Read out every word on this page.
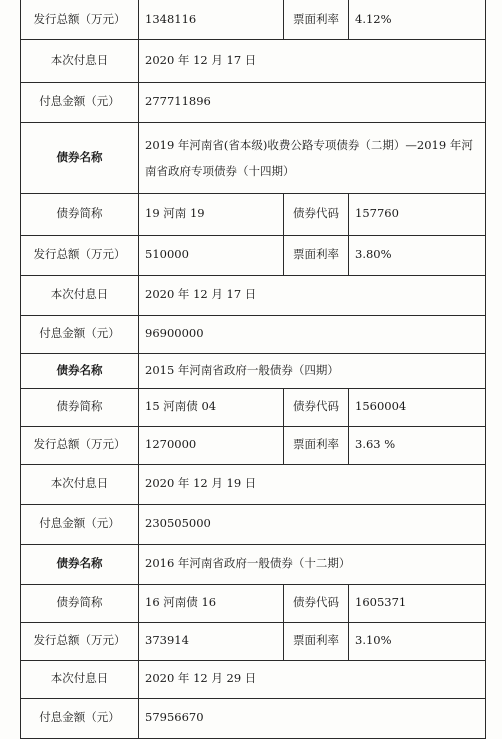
发行总额（万元）	1348116	票面利率	4.12%
本次付息日	2020 年 12 月 17 日		
付息金额（元）	277711896		
债券名称	2019 年河南省(省本级)收费公路专项债券（二期）—2019 年河南省政府专项债券（十四期）		
债券简称	19 河南 19	债券代码	157760
发行总额（万元）	510000	票面利率	3.80%
本次付息日	2020 年 12 月 17 日		
付息金额（元）	96900000		
债券名称	2015 年河南省政府一般债券（四期）		
债券简称	15 河南债 04	债券代码	1560004
发行总额（万元）	1270000	票面利率	3.63 %
本次付息日	2020 年 12 月 19 日		
付息金额（元）	230505000		
债券名称	2016 年河南省政府一般债券（十二期）		
债券简称	16 河南债 16	债券代码	1605371
发行总额（万元）	373914	票面利率	3.10%
本次付息日	2020 年 12 月 29 日		
付息金额（元）	57956670		
